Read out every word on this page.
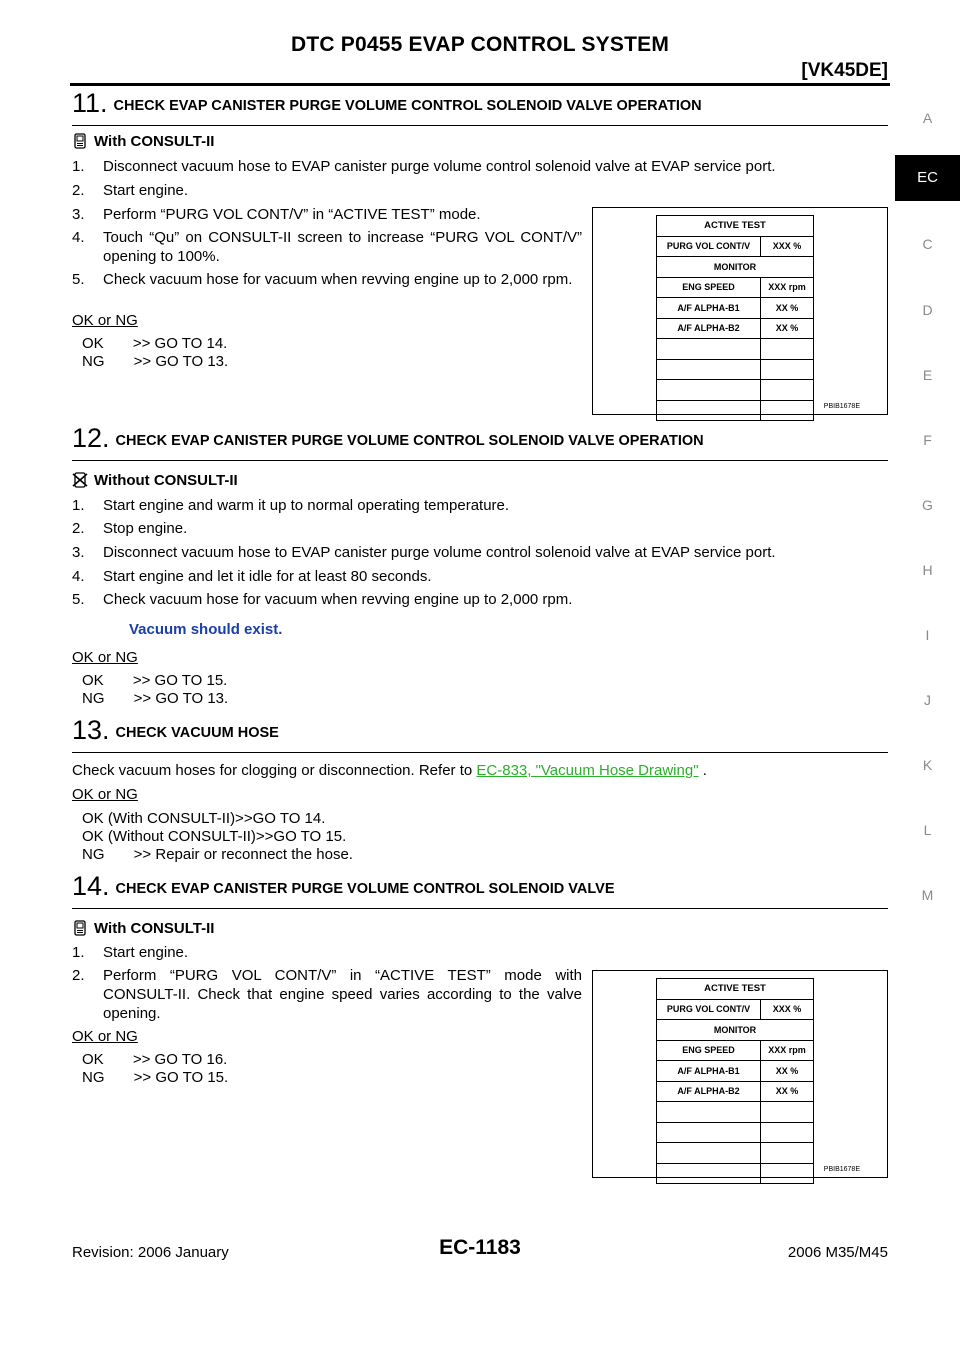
DTC P0455 EVAP CONTROL SYSTEM
[VK45DE]
A
EC
C
D
E
F
G
H
I
J
K
L
M
11. CHECK EVAP CANISTER PURGE VOLUME CONTROL SOLENOID VALVE OPERATION
With CONSULT-II
1. Disconnect vacuum hose to EVAP canister purge volume control solenoid valve at EVAP service port.
2. Start engine.
3. Perform “PURG VOL CONT/V” in “ACTIVE TEST” mode.
4. Touch “Qu” on CONSULT-II screen to increase “PURG VOL CONT/V” opening to 100%.
5. Check vacuum hose for vacuum when revving engine up to 2,000 rpm.
OK or NG
OK       >> GO TO 14.
NG       >> GO TO 13.
ACTIVE TEST	
PURG VOL CONT/V	XXX %
MONITOR	
ENG SPEED	XXX rpm
A/F ALPHA-B1	XX %
A/F ALPHA-B2	XX %

PBIB1678E
12. CHECK EVAP CANISTER PURGE VOLUME CONTROL SOLENOID VALVE OPERATION
Without CONSULT-II
1. Start engine and warm it up to normal operating temperature.
2. Stop engine.
3. Disconnect vacuum hose to EVAP canister purge volume control solenoid valve at EVAP service port.
4. Start engine and let it idle for at least 80 seconds.
5. Check vacuum hose for vacuum when revving engine up to 2,000 rpm.
Vacuum should exist.
OK or NG
OK       >> GO TO 15.
NG       >> GO TO 13.
13. CHECK VACUUM HOSE
Check vacuum hoses for clogging or disconnection. Refer to EC-833, "Vacuum Hose Drawing" .
OK or NG
OK (With CONSULT-II)>>GO TO 14.
OK (Without CONSULT-II)>>GO TO 15.
NG       >> Repair or reconnect the hose.
14. CHECK EVAP CANISTER PURGE VOLUME CONTROL SOLENOID VALVE
With CONSULT-II
1. Start engine.
2. Perform “PURG VOL CONT/V” in “ACTIVE TEST” mode with CONSULT-II. Check that engine speed varies according to the valve opening.
OK or NG
OK       >> GO TO 16.
NG       >> GO TO 15.
ACTIVE TEST	
PURG VOL CONT/V	XXX %
MONITOR	
ENG SPEED	XXX rpm
A/F ALPHA-B1	XX %
A/F ALPHA-B2	XX %

PBIB1678E
Revision: 2006 January	EC-1183	2006 M35/M45
